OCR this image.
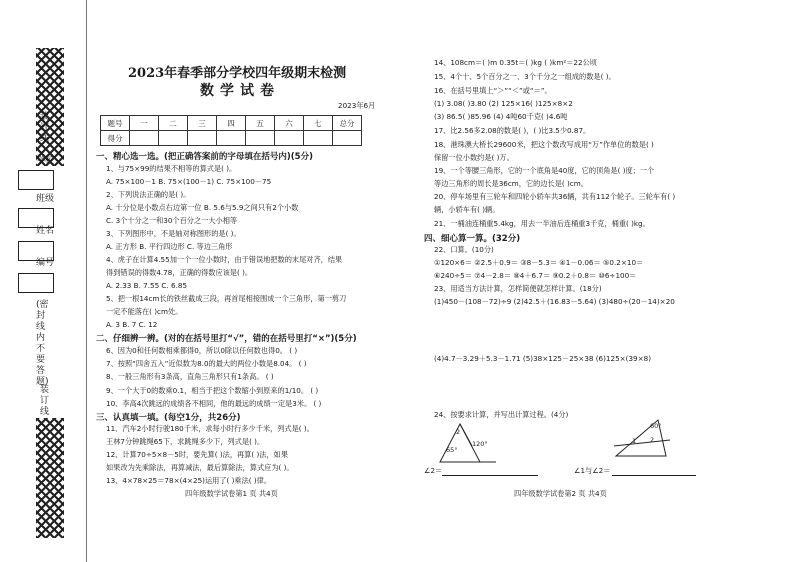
装订线
学校
班级
姓名
编号
(密封线内不要答题)
装订线
2023年春季部分学校四年级期末检测
数学试卷
2023年6月
题号	一	二	三	四	五	六	七	总分
得分								
一、精心选一选。(把正确答案前的字母填在括号内)(5分)
1、与75×99的结果不相等的算式是( )。
A. 75×100－1 B. 75×(100－1) C. 75×100－75
2、下列说法正确的是( )。
A. 十分位是小数点右边第一位 B. 5.6与5.9之间只有2个小数
C. 3个十分之一和30个百分之一大小相等
3、下列图形中，不是轴对称图形的是( )。
A. 正方形 B. 平行四边形 C. 等边三角形
4、虎子在计算4.55加一个一位小数时，由于错误地把数的末尾对齐，结果
得到错误的得数4.78，正确的得数应该是( )。
A. 2.33 B. 7.55 C. 6.85
5、把一根14cm长的铁丝截成三段，再首尾相接围成一个三角形，第一剪刀
一定不能落在( )cm处。
A. 3 B. 7 C. 12
二、仔细辨一辨。(对的在括号里打“√”，错的在括号里打“×”)(5分)
6、因为0和任何数相乘都得0，所以0除以任何数也得0。 ( )
7、按照“四舍五入”近似数为8.0的最大的两位小数是8.04。 ( )
8、一般三角形有3条高，直角三角形只有1条高。 ( )
9、一个大于0的数乘0.1，相当于把这个数缩小到原来的1/10。 ( )
10、李高4次跳远的成绩各不相同，他的最远的成绩一定是3米。 ( )
三、认真填一填。(每空1分，共26分)
11、汽车2小时行驶180千米，求每小时行多少千米，列式是( )。
王林7分钟跳绳65下，求跳绳多少下，列式是( )。
12、计算70÷5×8－5时，要先算( )法，再算( )法，如果
如果改为先乘除法，再算减法，最后算除法，算式应为( )。
13、4×78×25＝78×(4×25)运用了( )乘法( )律。
四年级数学试卷第1 页 共4页
14、108cm＝( )m 0.35t＝( )kg ( )km²＝22公顷
15、4个十、5个百分之一、3个千分之一组成的数是( )。
16、在括号里填上“＞”“＜”或“＝”。
(1) 3.08( )3.80 (2) 125×16( )125×8×2
(3) 86.5( )85.96 (4) 4吨60千克( )4.6吨
17、比2.56多2.08的数是( )，( )比3.5少0.87。
18、港珠澳大桥长29600米，把这个数改写成用“万”作单位的数是( )
保留一位小数约是( )万。
19、一个等腰三角形，它的一个底角是40度，它的顶角是( )度；一个
等边三角形的周长是36cm，它的边长是( )cm。
20、停车场里有三轮车和四轮小轿车共36辆，共有112个轮子。三轮车有( )
辆，小轿车有( )辆。
21、一桶油连桶重5.4kg，用去一半油后连桶重3千克，桶重( )kg。
四、细心算一算。(32分)
22、口算。(10分)
①120×6＝ ②2.5＋0.9＝ ③8－5.3＝ ④1－0.06＝ ⑤0.2×10＝
⑥240÷5＝ ⑦4－2.8＝ ⑧4＋6.7＝ ⑨0.2＋0.8＝ ⑩6÷100＝
23、用适当方法计算，怎样简便就怎样计算。(18分)
(1)450－(108－72)÷9 (2)42.5＋(16.83－5.64) (3)480÷(20－14)×20
(4)4.7－3.29＋5.3－1.71 (5)38×125－25×38 (6)125×(39×8)
24、按要求计算，并写出计算过程。(4分)
65°
120°
2
60°
1 2
∠2＝	∠1与∠2＝
四年级数学试卷第2 页 共4页
